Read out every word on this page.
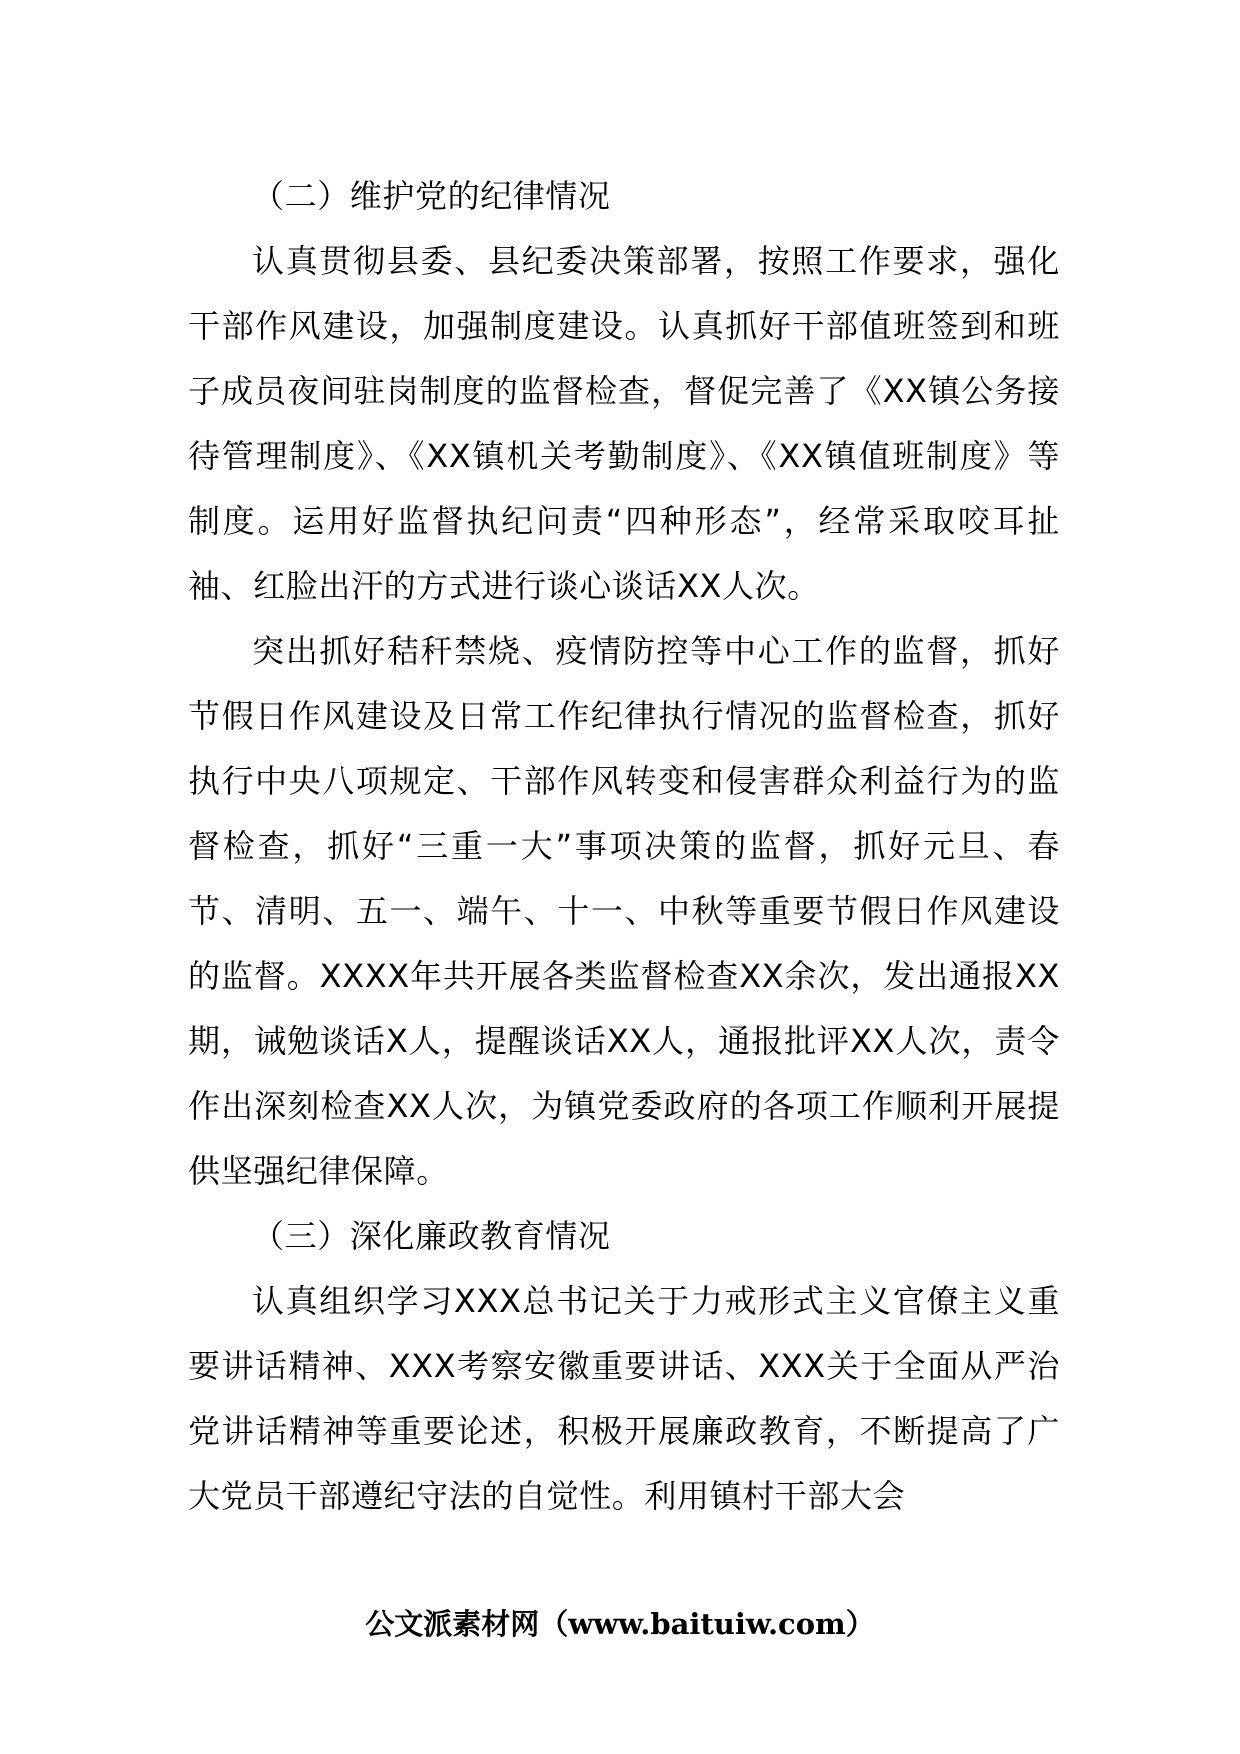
（二）维护党的纪律情况

认真贯彻县委、县纪委决策部署，按照工作要求，强化干部作风建设，加强制度建设。认真抓好干部值班签到和班子成员夜间驻岗制度的监督检查，督促完善了《XX镇公务接待管理制度》、《XX镇机关考勤制度》、《XX镇值班制度》等制度。运用好监督执纪问责“四种形态”，经常采取咬耳扯袖、红脸出汗的方式进行谈心谈话XX人次。

突出抓好秸秆禁烧、疫情防控等中心工作的监督，抓好节假日作风建设及日常工作纪律执行情况的监督检查，抓好执行中央八项规定、干部作风转变和侵害群众利益行为的监督检查，抓好“三重一大”事项决策的监督，抓好元旦、春节、清明、五一、端午、十一、中秋等重要节假日作风建设的监督。XXXX年共开展各类监督检查XX余次，发出通报XX期，诫勉谈话X人，提醒谈话XX人，通报批评XX人次，责令作出深刻检查XX人次，为镇党委政府的各项工作顺利开展提供坚强纪律保障。

（三）深化廉政教育情况

认真组织学习XXX总书记关于力戒形式主义官僚主义重要讲话精神、XXX考察安徽重要讲话、XXX关于全面从严治党讲话精神等重要论述，积极开展廉政教育，不断提高了广大党员干部遵纪守法的自觉性。利用镇村干部大会

公文派素材网（www.baituiw.com）
